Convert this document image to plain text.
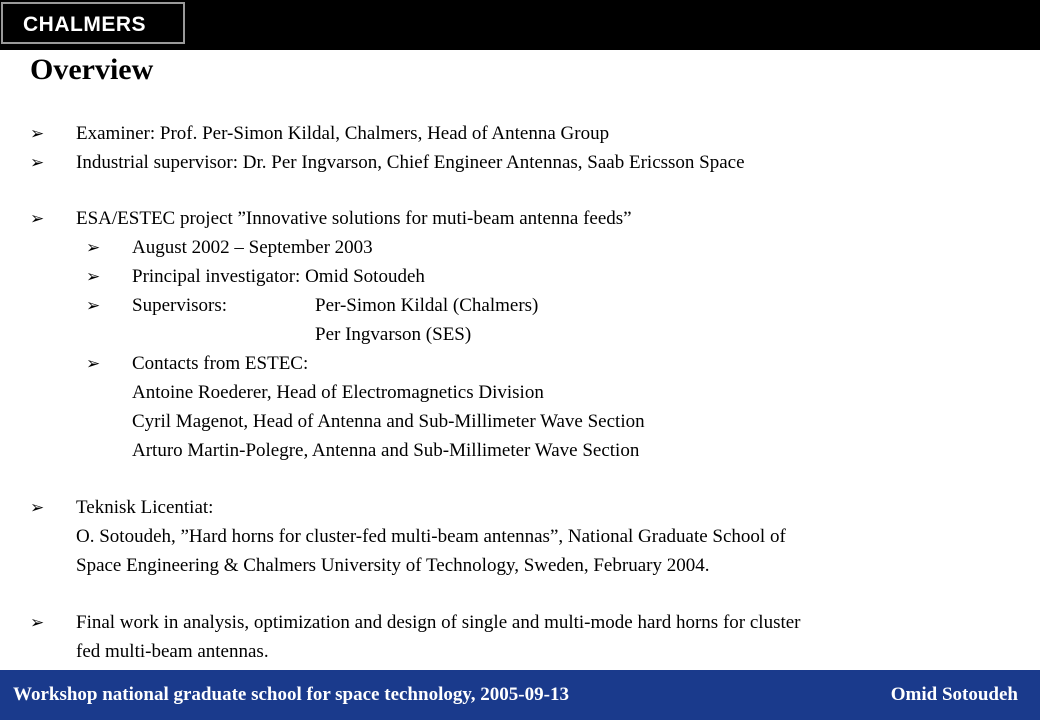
CHALMERS
Overview
➢ Examiner: Prof. Per-Simon Kildal, Chalmers, Head of Antenna Group
➢ Industrial supervisor: Dr. Per Ingvarson, Chief Engineer Antennas, Saab Ericsson Space
➢ ESA/ESTEC project ”Innovative solutions for muti-beam antenna feeds”
➢ August 2002 – September 2003
➢ Principal investigator: Omid Sotoudeh
➢ Supervisors:	Per-Simon Kildal (Chalmers)
Per Ingvarson (SES)
➢ Contacts from ESTEC:
Antoine Roederer, Head of Electromagnetics Division
Cyril Magenot, Head of Antenna and Sub-Millimeter Wave Section
Arturo Martin-Polegre, Antenna and Sub-Millimeter Wave Section
➢ Teknisk Licentiat:
O. Sotoudeh, ”Hard horns for cluster-fed multi-beam antennas”, National Graduate School of
Space Engineering & Chalmers University of Technology, Sweden, February 2004.
➢ Final work in analysis, optimization and design of single and multi-mode hard horns for cluster
fed multi-beam antennas.
Workshop national graduate school for space technology, 2005-09-13	Omid Sotoudeh
